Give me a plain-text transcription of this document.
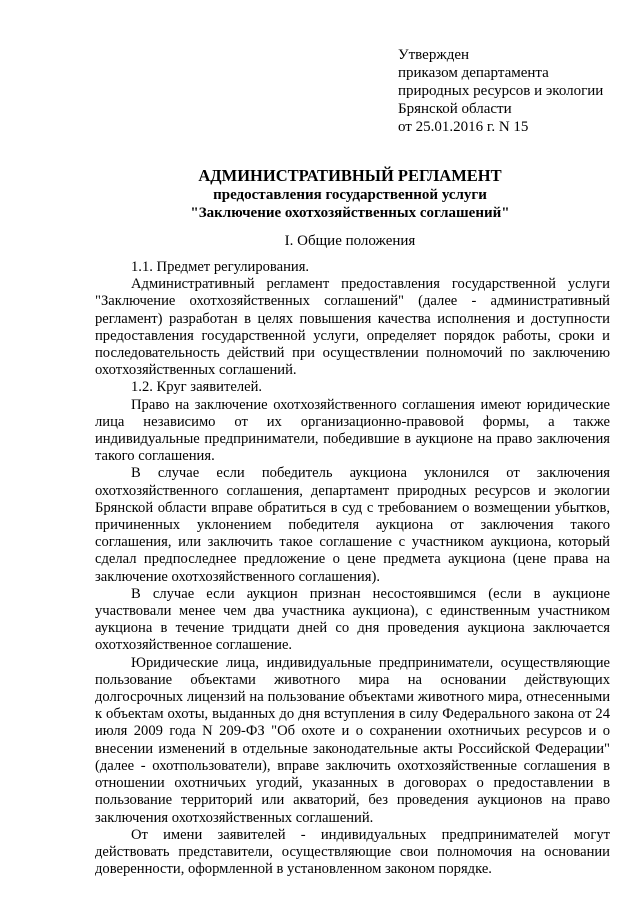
Утвержден
приказом департамента
природных ресурсов и экологии
Брянской области
от 25.01.2016 г. N 15
АДМИНИСТРАТИВНЫЙ РЕГЛАМЕНТ
предоставления государственной услуги
"Заключение охотхозяйственных соглашений"
I. Общие положения

1.1. Предмет регулирования.

Административный регламент предоставления государственной услуги "Заключение охотхозяйственных соглашений" (далее - административный регламент) разработан в целях повышения качества исполнения и доступности предоставления государственной услуги, определяет порядок работы, сроки и последовательность действий при осуществлении полномочий по заключению охотхозяйственных соглашений.

1.2. Круг заявителей.

Право на заключение охотхозяйственного соглашения имеют юридические лица независимо от их организационно-правовой формы, а также индивидуальные предприниматели, победившие в аукционе на право заключения такого соглашения.

В случае если победитель аукциона уклонился от заключения охотхозяйственного соглашения, департамент природных ресурсов и экологии Брянской области вправе обратиться в суд с требованием о возмещении убытков, причиненных уклонением победителя аукциона от заключения такого соглашения, или заключить такое соглашение с участником аукциона, который сделал предпоследнее предложение о цене предмета аукциона (цене права на заключение охотхозяйственного соглашения).

В случае если аукцион признан несостоявшимся (если в аукционе участвовали менее чем два участника аукциона), с единственным участником аукциона в течение тридцати дней со дня проведения аукциона заключается охотхозяйственное соглашение.

Юридические лица, индивидуальные предприниматели, осуществляющие пользование объектами животного мира на основании действующих долгосрочных лицензий на пользование объектами животного мира, отнесенными к объектам охоты, выданных до дня вступления в силу Федерального закона от 24 июля 2009 года N 209-ФЗ "Об охоте и о сохранении охотничьих ресурсов и о внесении изменений в отдельные законодательные акты Российской Федерации" (далее - охотпользователи), вправе заключить охотхозяйственные соглашения в отношении охотничьих угодий, указанных в договорах о предоставлении в пользование территорий или акваторий, без проведения аукционов на право заключения охотхозяйственных соглашений.

От имени заявителей - индивидуальных предпринимателей могут действовать представители, осуществляющие свои полномочия на основании доверенности, оформленной в установленном законом порядке.
